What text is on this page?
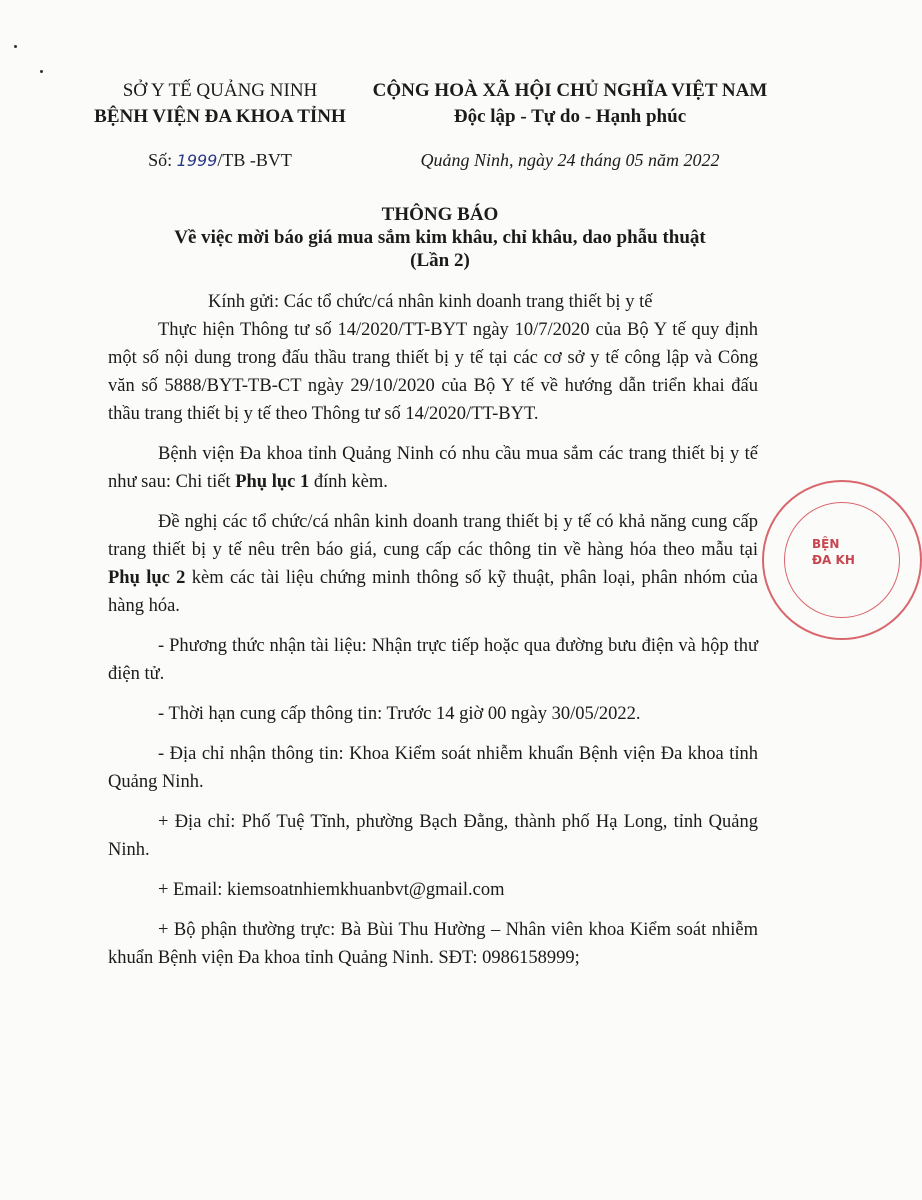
SỞ Y TẾ QUẢNG NINH
BỆNH VIỆN ĐA KHOA TỈNH
CỘNG HOÀ XÃ HỘI CHỦ NGHĨA VIỆT NAM
Độc lập - Tự do - Hạnh phúc
Số: 1999/TB -BVT	Quảng Ninh, ngày 24 tháng 05 năm 2022
THÔNG BÁO
Về việc mời báo giá mua sắm kim khâu, chỉ khâu, dao phẫu thuật
(Lần 2)

Kính gửi: Các tổ chức/cá nhân kinh doanh trang thiết bị y tế

Thực hiện Thông tư số 14/2020/TT-BYT ngày 10/7/2020 của Bộ Y tế quy định một số nội dung trong đấu thầu trang thiết bị y tế tại các cơ sở y tế công lập và Công văn số 5888/BYT-TB-CT ngày 29/10/2020 của Bộ Y tế về hướng dẫn triển khai đấu thầu trang thiết bị y tế theo Thông tư số 14/2020/TT-BYT.

Bệnh viện Đa khoa tỉnh Quảng Ninh có nhu cầu mua sắm các trang thiết bị y tế như sau: Chi tiết Phụ lục 1 đính kèm.

Đề nghị các tổ chức/cá nhân kinh doanh trang thiết bị y tế có khả năng cung cấp trang thiết bị y tế nêu trên báo giá, cung cấp các thông tin về hàng hóa theo mẫu tại Phụ lục 2 kèm các tài liệu chứng minh thông số kỹ thuật, phân loại, phân nhóm của hàng hóa.

- Phương thức nhận tài liệu: Nhận trực tiếp hoặc qua đường bưu điện và hộp thư điện tử.

- Thời hạn cung cấp thông tin: Trước 14 giờ 00 ngày 30/05/2022.

- Địa chỉ nhận thông tin: Khoa Kiểm soát nhiễm khuẩn Bệnh viện Đa khoa tỉnh Quảng Ninh.

+ Địa chỉ: Phố Tuệ Tĩnh, phường Bạch Đằng, thành phố Hạ Long, tỉnh Quảng Ninh.

+ Email: kiemsoatnhiemkhuanbvt@gmail.com

+ Bộ phận thường trực: Bà Bùi Thu Hường – Nhân viên khoa Kiểm soát nhiễm khuẩn Bệnh viện Đa khoa tỉnh Quảng Ninh. SĐT: 0986158999;

BỆN
ĐA KH
